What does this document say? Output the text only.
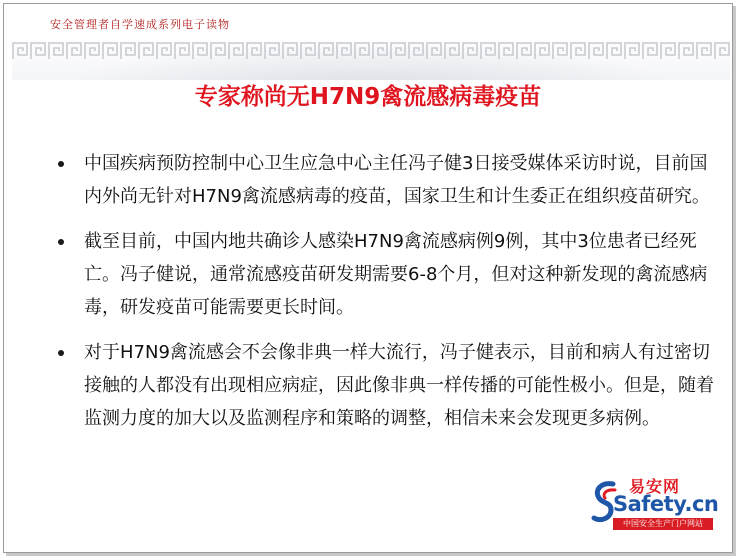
安全管理者自学速成系列电子读物
专家称尚无H7N9禽流感病毒疫苗
中国疾病预防控制中心卫生应急中心主任冯子健3日接受媒体采访时说，目前国内外尚无针对H7N9禽流感病毒的疫苗，国家卫生和计生委正在组织疫苗研究。
截至目前，中国内地共确诊人感染H7N9禽流感病例9例，其中3位患者已经死亡。冯子健说，通常流感疫苗研发期需要6-8个月，但对这种新发现的禽流感病毒，研发疫苗可能需要更长时间。
对于H7N9禽流感会不会像非典一样大流行，冯子健表示，目前和病人有过密切接触的人都没有出现相应病症，因此像非典一样传播的可能性极小。但是，随着监测力度的加大以及监测程序和策略的调整，相信未来会发现更多病例。
易安网
Safety.cn
中国安全生产门户网站
